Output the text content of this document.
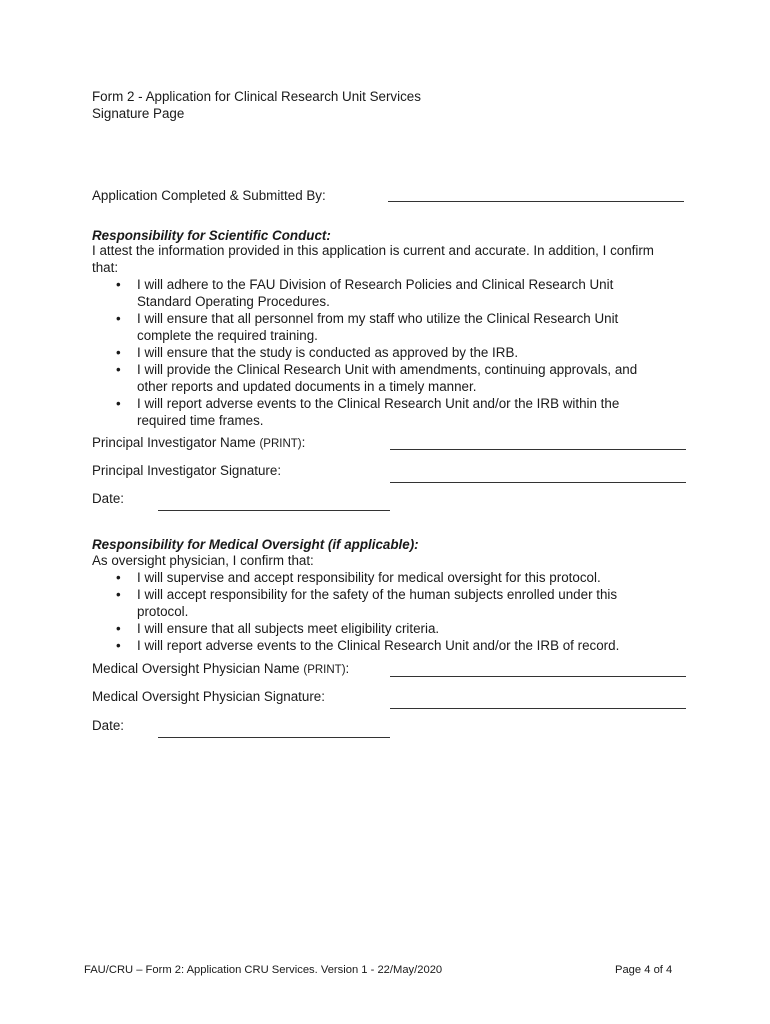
Form 2 - Application for Clinical Research Unit Services
Signature Page
Application Completed & Submitted By:
Responsibility for Scientific Conduct:
I attest the information provided in this application is current and accurate. In addition, I confirm
that:
• I will adhere to the FAU Division of Research Policies and Clinical Research Unit
Standard Operating Procedures.
• I will ensure that all personnel from my staff who utilize the Clinical Research Unit
complete the required training.
• I will ensure that the study is conducted as approved by the IRB.
• I will provide the Clinical Research Unit with amendments, continuing approvals, and
other reports and updated documents in a timely manner.
• I will report adverse events to the Clinical Research Unit and/or the IRB within the
required time frames.
Principal Investigator Name (PRINT):
Principal Investigator Signature:
Date:
Responsibility for Medical Oversight (if applicable):
As oversight physician, I confirm that:
• I will supervise and accept responsibility for medical oversight for this protocol.
• I will accept responsibility for the safety of the human subjects enrolled under this
protocol.
• I will ensure that all subjects meet eligibility criteria.
• I will report adverse events to the Clinical Research Unit and/or the IRB of record.
Medical Oversight Physician Name (PRINT):
Medical Oversight Physician Signature:
Date:
FAU/CRU – Form 2: Application CRU Services. Version 1 - 22/May/2020	Page 4 of 4
